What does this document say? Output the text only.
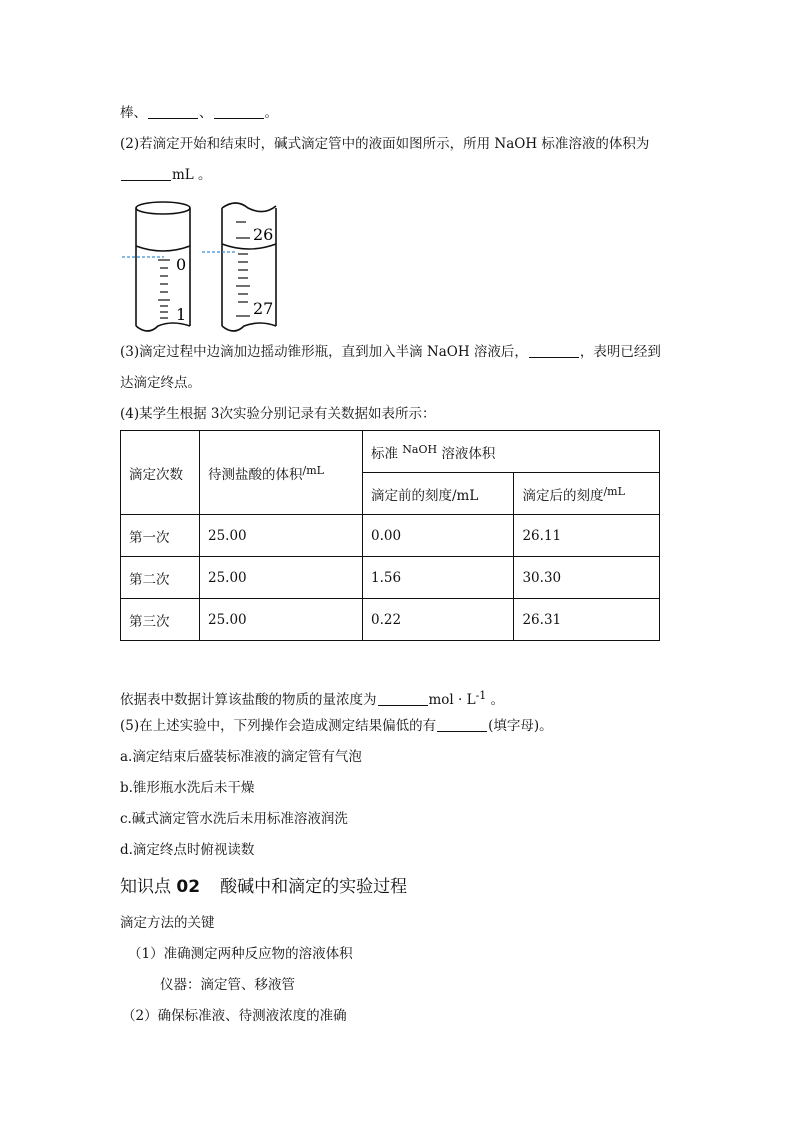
棒、	、	。
(2)若滴定开始和结束时，碱式滴定管中的液面如图所示，所用 NaOH 标准溶液的体积为
mL 。
0
1
26
27
(3)滴定过程中边滴加边摇动锥形瓶，直到加入半滴 NaOH 溶液后，	，表明已经到
达滴定终点。
(4)某学生根据 3次实验分别记录有关数据如表所示：
滴定次数	待测盐酸的体积$^{/mL}$	标准 $^{NaOH}$ 溶液体积	
		滴定前的刻度/mL	滴定后的刻度$^{/mL}$
第一次	25.00	0.00	26.11
第二次	25.00	1.56	30.30
第三次	25.00	0.22	26.31
依据表中数据计算该盐酸的物质的量浓度为	mol · $L^{-1}$ 。
(5)在上述实验中，下列操作会造成测定结果偏低的有	(填字母)。
a.滴定结束后盛装标准液的滴定管有气泡
b.锥形瓶水洗后未干燥
c.碱式滴定管水洗后未用标准溶液润洗
d.滴定终点时俯视读数
知识点 02 酸碱中和滴定的实验过程
滴定方法的关键
（1）准确测定两种反应物的溶液体积
仪器：滴定管、移液管
（2）确保标准液、待测液浓度的准确
